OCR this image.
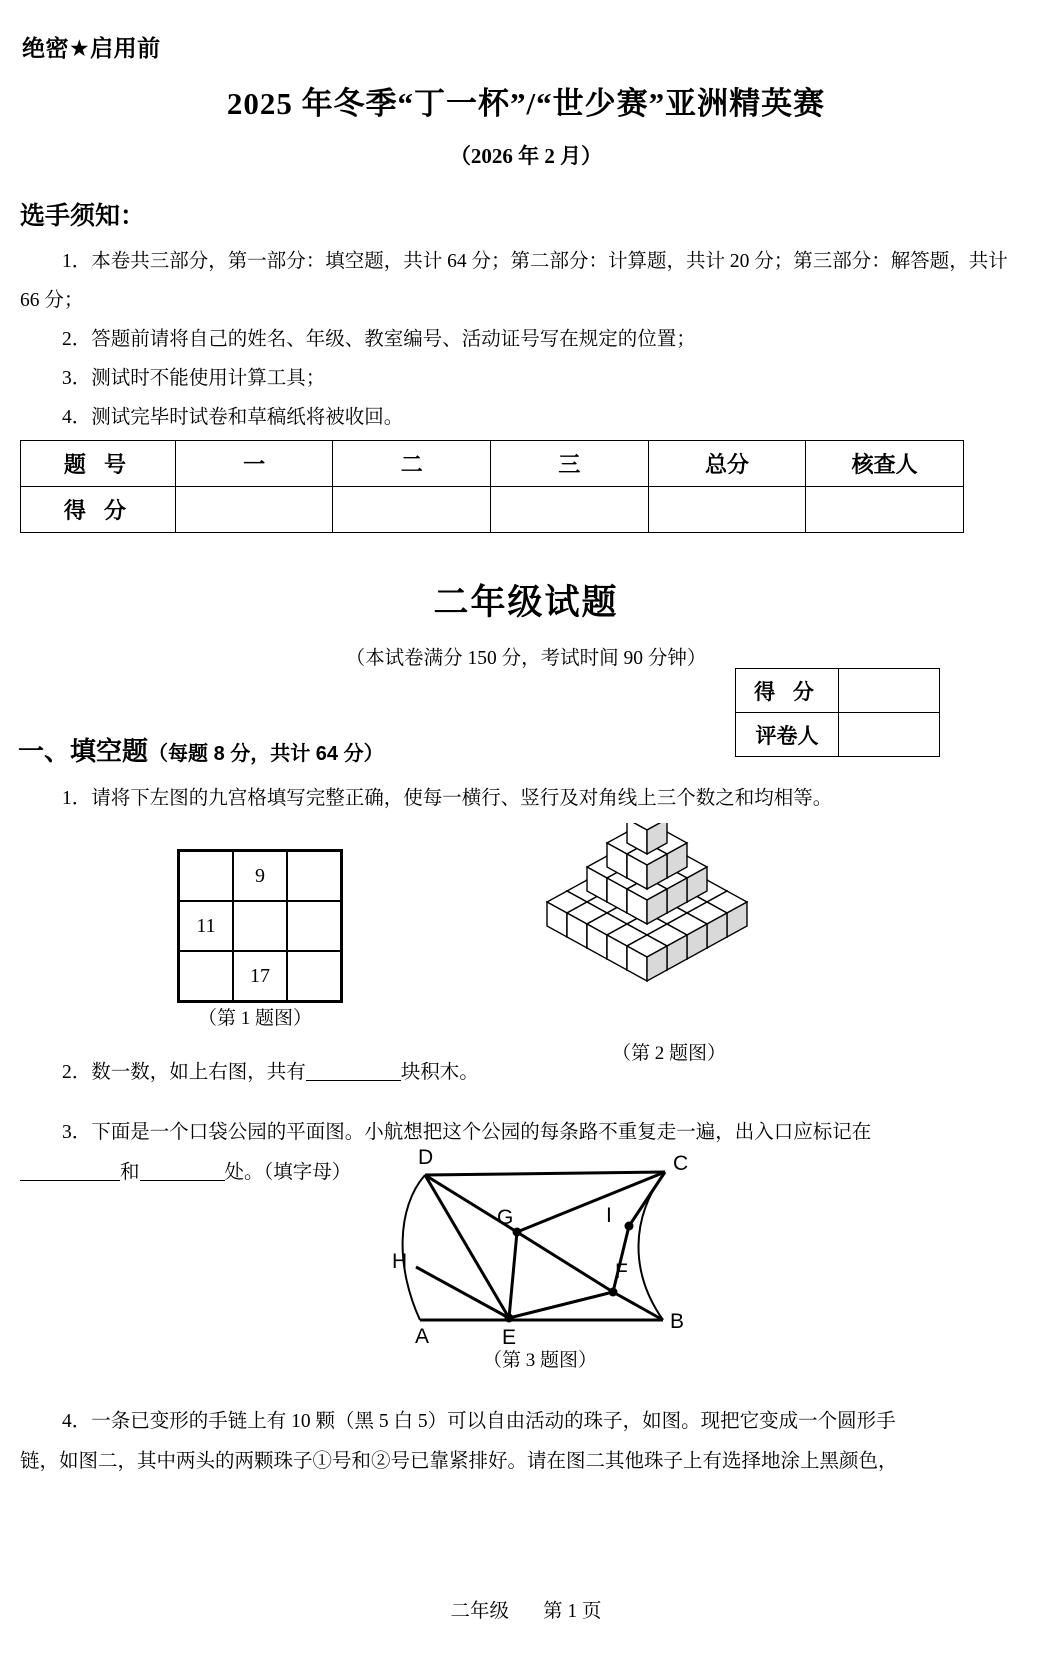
绝密★启用前
2025 年冬季“丁一杯”/“世少赛”亚洲精英赛
（2026 年 2 月）
选手须知：

1．本卷共三部分，第一部分：填空题，共计 64 分；第二部分：计算题，共计 20 分；第三部分：解答题，共计 66 分；

2．答题前请将自己的姓名、年级、教室编号、活动证号写在规定的位置；

3．测试时不能使用计算工具；

4．测试完毕时试卷和草稿纸将被收回。

题 号	一	二	三	总分	核查人
得 分					
二年级试题
（本试卷满分 150 分，考试时间 90 分钟）
得 分	
评卷人	
一、填空题（每题 8 分，共计 64 分）

1．请将下左图的九宫格填写完整正确，使每一横行、竖行及对角线上三个数之和均相等。

	9	
11		
	17	
（第 1 题图）
（第 2 题图）

2．数一数，如上右图，共有	块积木。

3．下面是一个口袋公园的平面图。小航想把这个公园的每条路不重复走一遍，出入口应标记在

和	处。（填字母）

D	C
G	I
F
H
A	E
B
（第 3 题图）

4．一条已变形的手链上有 10 颗（黑 5 白 5）可以自由活动的珠子，如图。现把它变成一个圆形手

链，如图二，其中两头的两颗珠子①号和②号已靠紧排好。请在图二其他珠子上有选择地涂上黑颜色，

二年级 第 1 页
